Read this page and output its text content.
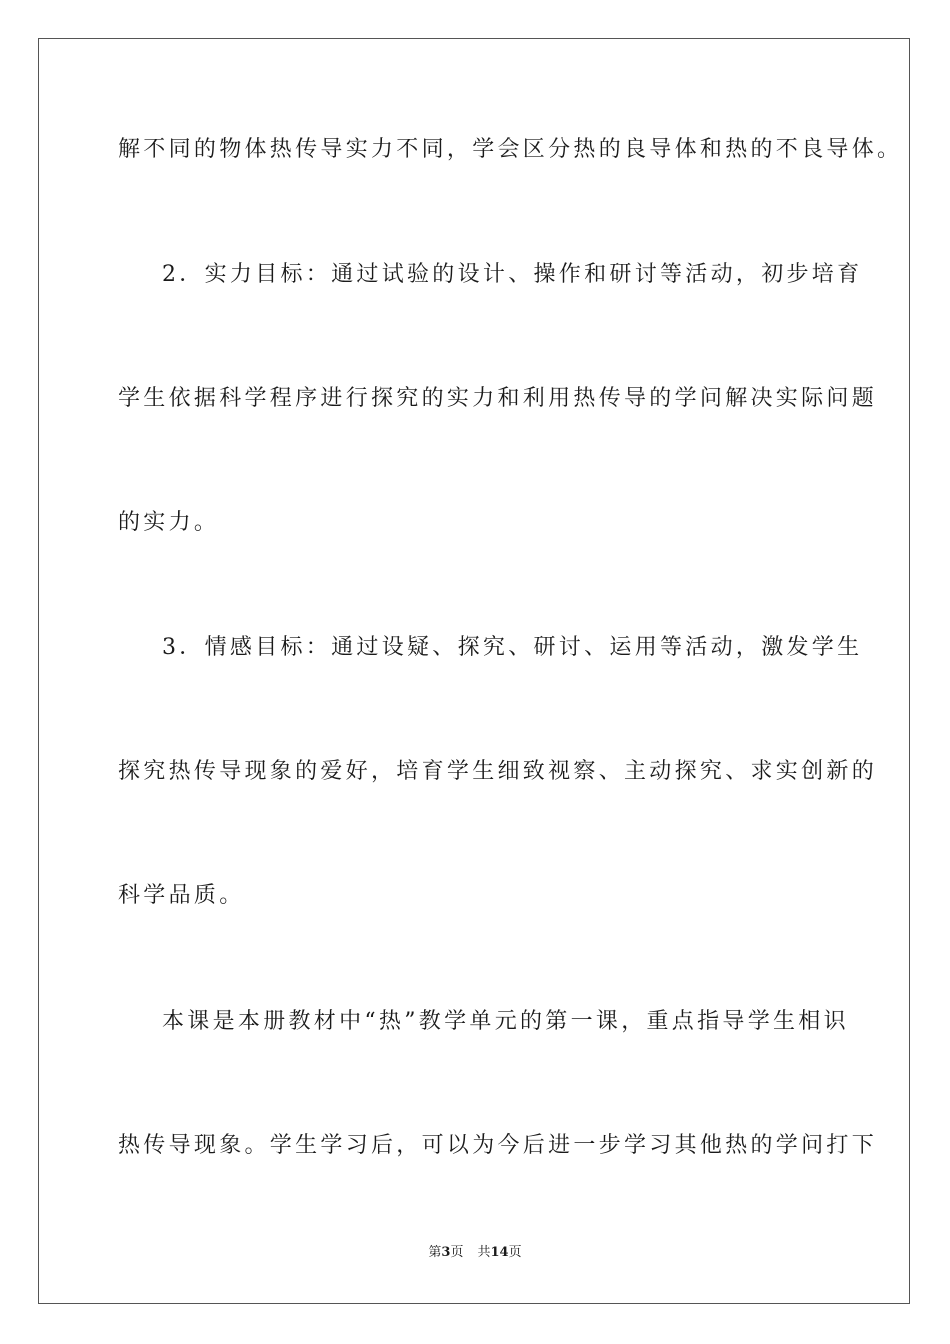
解不同的物体热传导实力不同，学会区分热的良导体和热的不良导体。
2．实力目标：通过试验的设计、操作和研讨等活动，初步培育
学生依据科学程序进行探究的实力和利用热传导的学问解决实际问题
的实力。
3．情感目标：通过设疑、探究、研讨、运用等活动，激发学生
探究热传导现象的爱好，培育学生细致视察、主动探究、求实创新的
科学品质。
本课是本册教材中“热”教学单元的第一课，重点指导学生相识
热传导现象。学生学习后，可以为今后进一步学习其他热的学问打下
第3页 共14页
